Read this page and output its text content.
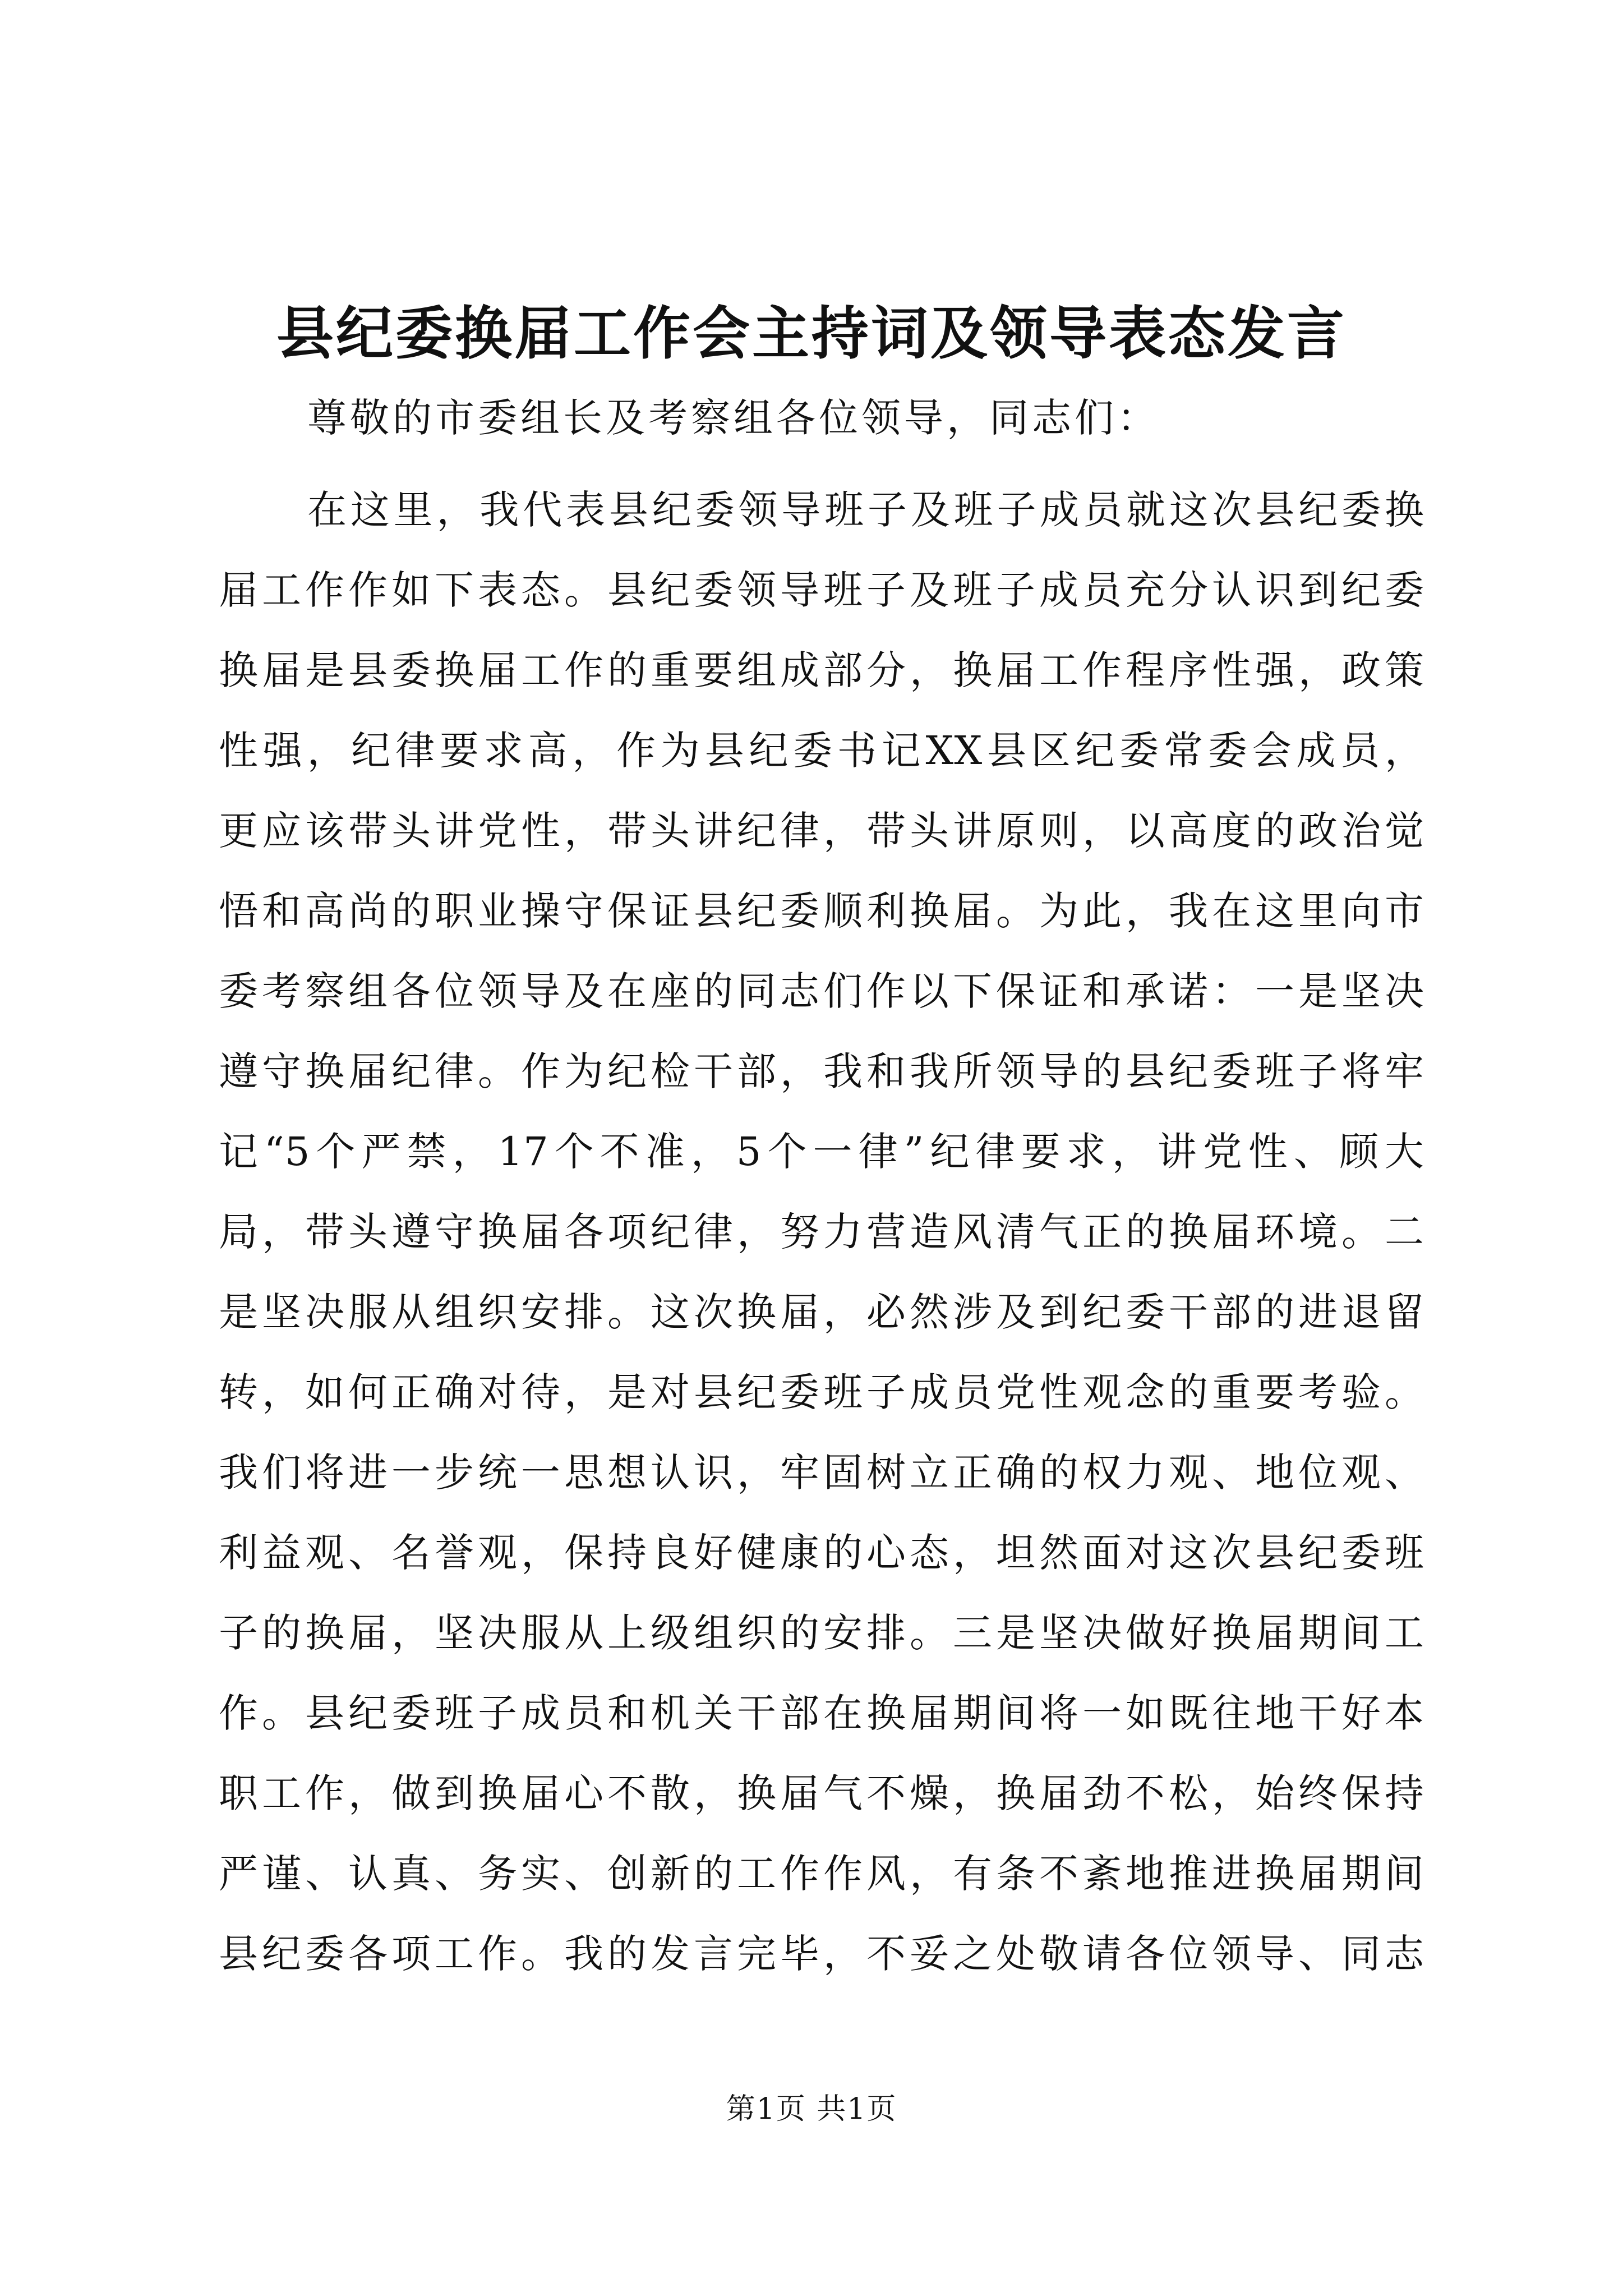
县纪委换届工作会主持词及领导表态发言

尊敬的市委组长及考察组各位领导，同志们：

在这里，我代表县纪委领导班子及班子成员就这次县纪委换
届工作作如下表态。县纪委领导班子及班子成员充分认识到纪委
换届是县委换届工作的重要组成部分，换届工作程序性强，政策
性强，纪律要求高，作为县纪委书记XX县区纪委常委会成员，
更应该带头讲党性，带头讲纪律，带头讲原则，以高度的政治觉
悟和高尚的职业操守保证县纪委顺利换届。为此，我在这里向市
委考察组各位领导及在座的同志们作以下保证和承诺：一是坚决
遵守换届纪律。作为纪检干部，我和我所领导的县纪委班子将牢
记“5个严禁，17个不准，5个一律”纪律要求，讲党性、顾大
局，带头遵守换届各项纪律，努力营造风清气正的换届环境。二
是坚决服从组织安排。这次换届，必然涉及到纪委干部的进退留
转，如何正确对待，是对县纪委班子成员党性观念的重要考验。
我们将进一步统一思想认识，牢固树立正确的权力观、地位观、
利益观、名誉观，保持良好健康的心态，坦然面对这次县纪委班
子的换届，坚决服从上级组织的安排。三是坚决做好换届期间工
作。县纪委班子成员和机关干部在换届期间将一如既往地干好本
职工作，做到换届心不散，换届气不燥，换届劲不松，始终保持
严谨、认真、务实、创新的工作作风，有条不紊地推进换届期间
县纪委各项工作。我的发言完毕，不妥之处敬请各位领导、同志

第1页 共1页
